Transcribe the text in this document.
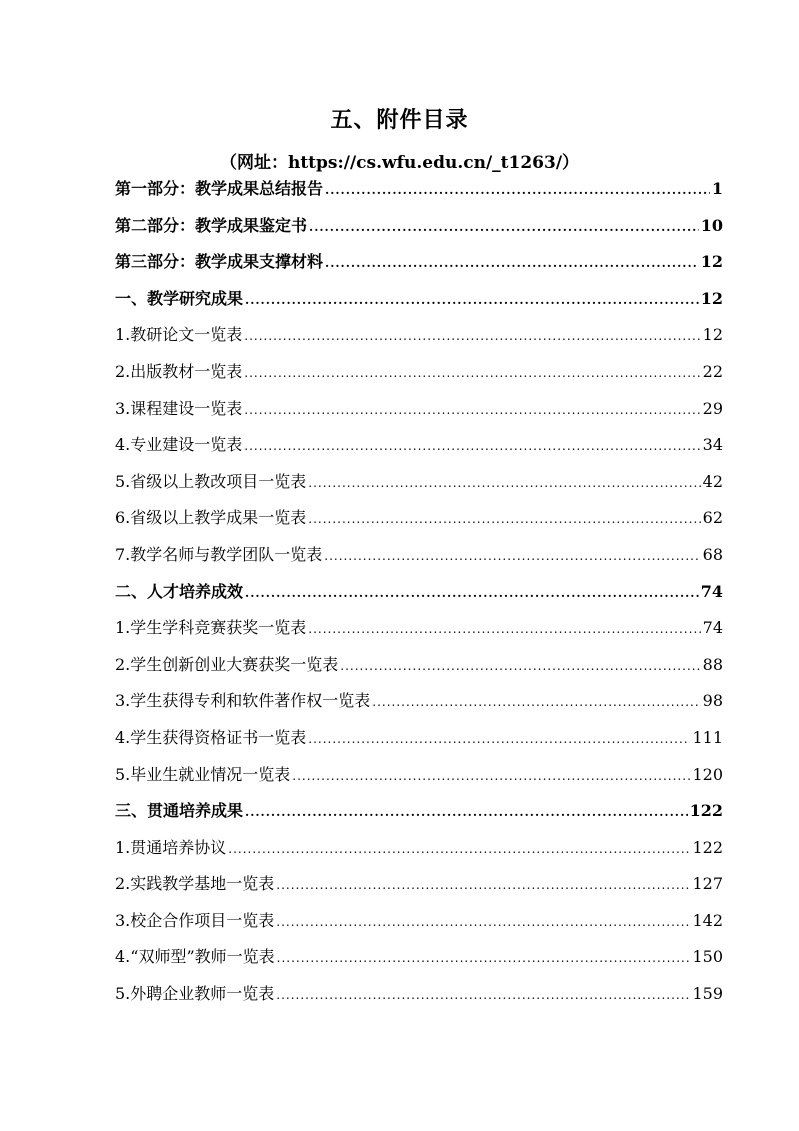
五、附件目录
（网址：https://cs.wfu.edu.cn/_t1263/）
第一部分：教学成果总结报告 .....	1
第二部分：教学成果鉴定书 .....	10
第三部分：教学成果支撑材料 .....	12
一、教学研究成果 .....	12
1.教研论文一览表 .....	12
2.出版教材一览表 .....	22
3.课程建设一览表 .....	29
4.专业建设一览表 .....	34
5.省级以上教改项目一览表 .....	42
6.省级以上教学成果一览表 .....	62
7.教学名师与教学团队一览表 .....	68
二、人才培养成效 .....	74
1.学生学科竞赛获奖一览表 .....	74
2.学生创新创业大赛获奖一览表 .....	88
3.学生获得专利和软件著作权一览表 .....	98
4.学生获得资格证书一览表 .....	111
5.毕业生就业情况一览表 .....	120
三、贯通培养成果 .....	122
1.贯通培养协议 .....	122
2.实践教学基地一览表 .....	127
3.校企合作项目一览表 .....	142
4.“双师型”教师一览表 .....	150
5.外聘企业教师一览表 .....	159
